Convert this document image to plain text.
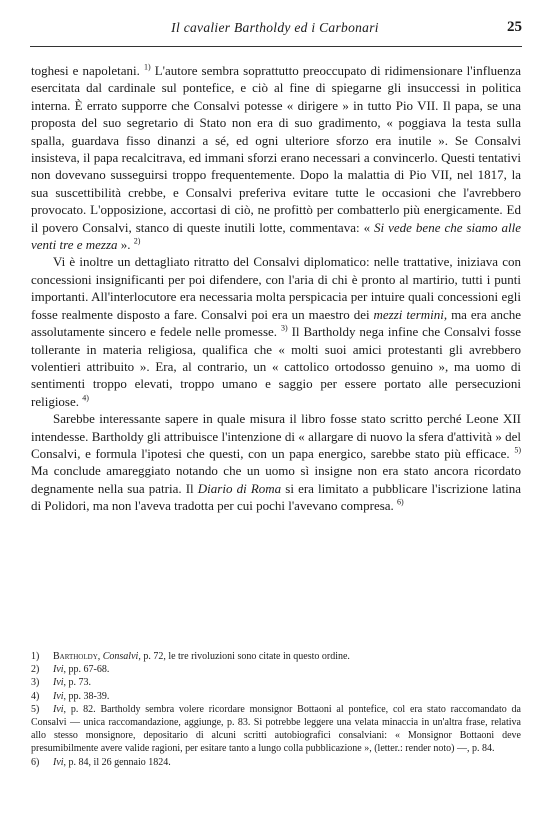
Il cavalier Bartholdy ed i Carbonari	25

toghesi e napoletani. $^{1)}$ L'autore sembra soprattutto preoccupato di ridimensionare l'influenza esercitata dal cardinale sul pontefice, e ciò al fine di spiegarne gli insuccessi in politica interna. È errato supporre che Consalvi potesse « dirigere » in tutto Pio VII. Il papa, se una proposta del suo segretario di Stato non era di suo gradimento, « poggiava la testa sulla spalla, guardava fisso dinanzi a sé, ed ogni ulteriore sforzo era inutile ». Se Consalvi insisteva, il papa recalcitrava, ed immani sforzi erano necessari a convincerlo. Questi tentativi non dovevano susseguirsi troppo frequentemente. Dopo la malattia di Pio VII, nel 1817, la sua suscettibilità crebbe, e Consalvi preferiva evitare tutte le occasioni che l'avrebbero provocato. L'opposizione, accortasi di ciò, ne profittò per combatterlo più energicamente. Ed il povero Consalvi, stanco di queste inutili lotte, commentava: « Si vede bene che siamo alle venti tre e mezza ». $^{2)}$

Vi è inoltre un dettagliato ritratto del Consalvi diplomatico: nelle trattative, iniziava con concessioni insignificanti per poi difendere, con l'aria di chi è pronto al martirio, tutti i punti importanti. All'interlocutore era necessaria molta perspicacia per intuire quali concessioni egli fosse realmente disposto a fare. Consalvi poi era un maestro dei mezzi termini, ma era anche assolutamente sincero e fedele nelle promesse. $^{3)}$ Il Bartholdy nega infine che Consalvi fosse tollerante in materia religiosa, qualifica che « molti suoi amici protestanti gli avrebbero volentieri attribuito ». Era, al contrario, un « cattolico ortodosso genuino », ma uomo di sentimenti troppo elevati, troppo umano e saggio per essere portato alle persecuzioni religiose. $^{4)}$

Sarebbe interessante sapere in quale misura il libro fosse stato scritto perché Leone XII intendesse. Bartholdy gli attribuisce l'intenzione di « allargare di nuovo la sfera d'attività » del Consalvi, e formula l'ipotesi che questi, con un papa energico, sarebbe stato più efficace. $^{5)}$ Ma conclude amareggiato notando che un uomo sì insigne non era stato ancora ricordato degnamente nella sua patria. Il Diario di Roma si era limitato a pubblicare l'iscrizione latina di Polidori, ma non l'aveva tradotta per cui pochi l'avevano compresa. $^{6)}$

1) Bartholdy, Consalvi, p. 72, le tre rivoluzioni sono citate in questo ordine.

2) Ivi, pp. 67-68.

3) Ivi, p. 73.

4) Ivi, pp. 38-39.

5) Ivi, p. 82. Bartholdy sembra volere ricordare monsignor Bottaoni al pontefice, col era stato raccomandato da Consalvi — unica raccomandazione, aggiunge, p. 83. Si potrebbe leggere una velata minaccia in un'altra frase, relativa allo stesso monsignore, depositario di alcuni scritti autobiografici consalviani: « Monsignor Bottaoni deve presumibilmente avere valide ragioni, per esitare tanto a lungo colla pubblicazione », (letter.: render noto) —, p. 84.

6) Ivi, p. 84, il 26 gennaio 1824.
